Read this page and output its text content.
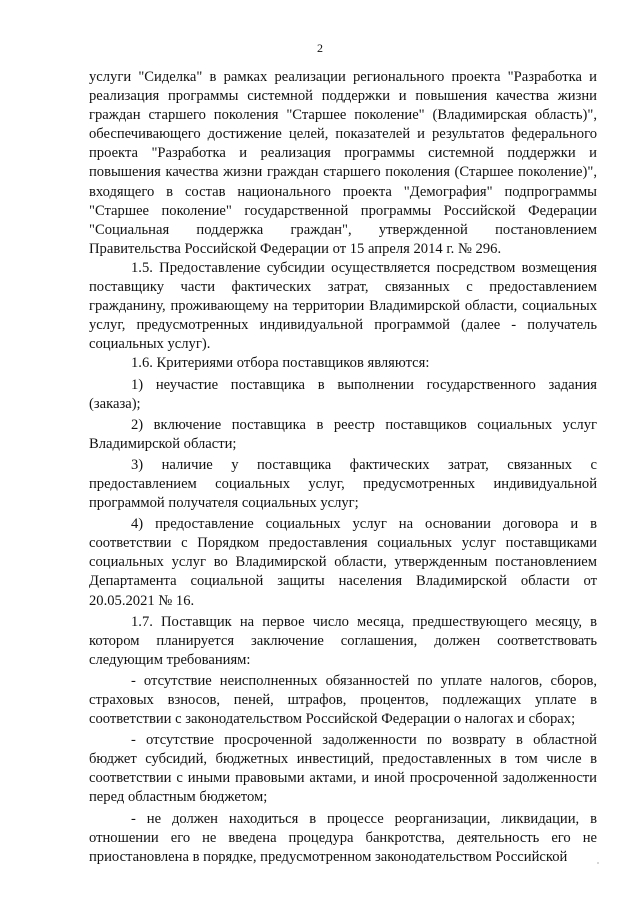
2

услуги "Сиделка" в рамках реализации регионального проекта "Разработка и реализация программы системной поддержки и повышения качества жизни граждан старшего поколения "Старшее поколение" (Владимирская область)", обеспечивающего достижение целей, показателей и результатов федерального проекта "Разработка и реализация программы системной поддержки и повышения качества жизни граждан старшего поколения (Старшее поколение)", входящего в состав национального проекта "Демография" подпрограммы "Старшее поколение" государственной программы Российской Федерации "Социальная поддержка граждан", утвержденной постановлением Правительства Российской Федерации от 15 апреля 2014 г. № 296.

1.5. Предоставление субсидии осуществляется посредством возмещения поставщику части фактических затрат, связанных с предоставлением гражданину, проживающему на территории Владимирской области, социальных услуг, предусмотренных индивидуальной программой (далее - получатель социальных услуг).

1.6. Критериями отбора поставщиков являются:

1) неучастие поставщика в выполнении государственного задания (заказа);

2) включение поставщика в реестр поставщиков социальных услуг Владимирской области;

3) наличие у поставщика фактических затрат, связанных с предоставлением социальных услуг, предусмотренных индивидуальной программой получателя социальных услуг;

4) предоставление социальных услуг на основании договора и в соответствии с Порядком предоставления социальных услуг поставщиками социальных услуг во Владимирской области, утвержденным постановлением Департамента социальной защиты населения Владимирской области от 20.05.2021 № 16.

1.7. Поставщик на первое число месяца, предшествующего месяцу, в котором планируется заключение соглашения, должен соответствовать следующим требованиям:

- отсутствие неисполненных обязанностей по уплате налогов, сборов, страховых взносов, пеней, штрафов, процентов, подлежащих уплате в соответствии с законодательством Российской Федерации о налогах и сборах;

- отсутствие просроченной задолженности по возврату в областной бюджет субсидий, бюджетных инвестиций, предоставленных в том числе в соответствии с иными правовыми актами, и иной просроченной задолженности перед областным бюджетом;

- не должен находиться в процессе реорганизации, ликвидации, в отношении его не введена процедура банкротства, деятельность его не приостановлена в порядке, предусмотренном законодательством Российской
